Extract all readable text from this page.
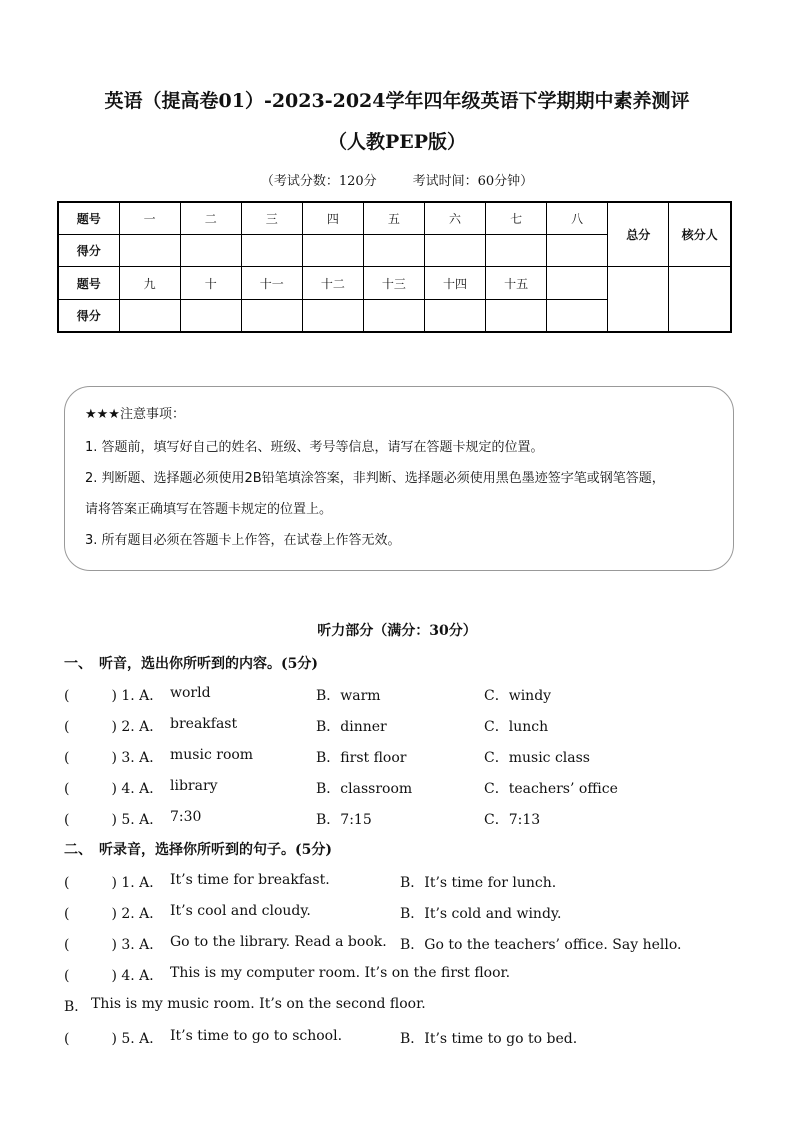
英语（提高卷01）-2023-2024学年四年级英语下学期期中素养测评
（人教PEP版）
（考试分数：120分	考试时间：60分钟）
题号	一	二	三	四	五	六	七	八	总分	核分人
得分										
题号	九	十	十一	十二	十三	十四	十五			
得分										
★★★注意事项：
1. 答题前，填写好自己的姓名、班级、考号等信息，请写在答题卡规定的位置。
2. 判断题、选择题必须使用2B铅笔填涂答案，非判断、选择题必须使用黑色墨迹签字笔或钢笔答题，
请将答案正确填写在答题卡规定的位置上。
3. 所有题目必须在答题卡上作答，在试卷上作答无效。
听力部分（满分：30分）
一、　听音，选出你所听到的内容。(5分)
(　　　) 1. A． world	B．warm	C．windy
(　　　) 2. A． breakfast	B．dinner	C．lunch
(　　　) 3. A． music room	B．first floor	C．music class
(　　　) 4. A． library	B．classroom	C．teachers’ office
(　　　) 5. A． 7:30	B．7:15	C．7:13
二、　听录音，选择你所听到的句子。(5分)
(　　　) 1. A． It’s time for breakfast.	B．It’s time for lunch.
(　　　) 2. A． It’s cool and cloudy.	B．It’s cold and windy.
(　　　) 3. A． Go to the library. Read a book. B．Go to the teachers’ office. Say hello.
(　　　) 4. A． This is my computer room. It’s on the first floor.
B． This is my music room. It’s on the second floor.
(　　　) 5. A． It’s time to go to school.	B．It’s time to go to bed.
